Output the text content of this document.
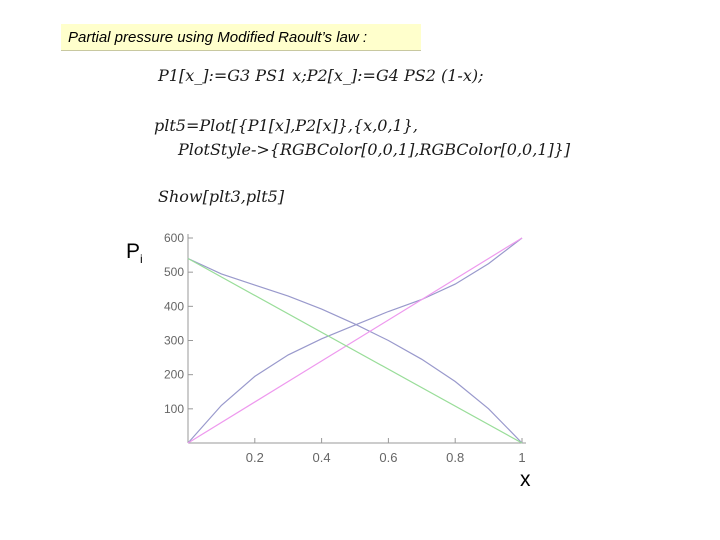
Partial pressure using Modified Raoult’s law :
P1[x_]:=G3 PS1 x;P2[x_]:=G4 PS2 (1-x);
plt5=Plot[{P1[x],P2[x]},{x,0,1},
PlotStyle->{RGBColor[0,0,1],RGBColor[0,0,1]}]
Show[plt3,plt5]
$P_i$
x
0.2	0.4	0.6	0.8	1
100
200
300
400
500
600
